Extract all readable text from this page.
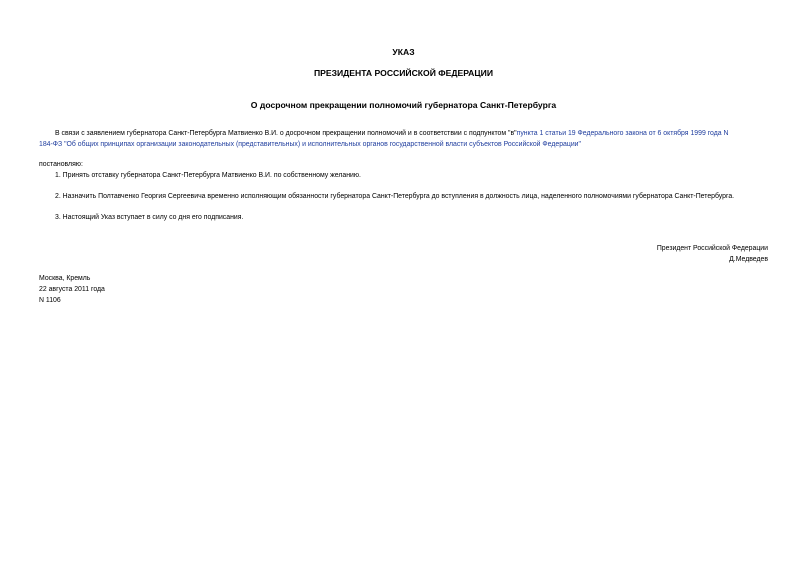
УКАЗ
ПРЕЗИДЕНТА РОССИЙСКОЙ ФЕДЕРАЦИИ
О досрочном прекращении полномочий губернатора Санкт-Петербурга
В связи с заявлением губернатора Санкт-Петербурга Матвиенко В.И. о досрочном прекращении полномочий и в соответствии с подпунктом "в"пункта 1 статьи 19 Федерального закона от 6 октября 1999 года N
184-ФЗ "Об общих принципах организации законодательных (представительных) и исполнительных органов государственной власти субъектов Российской Федерации"
постановляю:
1. Принять отставку губернатора Санкт-Петербурга Матвиенко В.И. по собственному желанию.
2. Назначить Полтавченко Георгия Сергеевича временно исполняющим обязанности губернатора Санкт-Петербурга до вступления в должность лица, наделенного полномочиями губернатора Санкт-Петербурга.
3. Настоящий Указ вступает в силу со дня его подписания.
Президент Российской Федерации
Д.Медведев
Москва, Кремль
22 августа 2011 года
N 1106
